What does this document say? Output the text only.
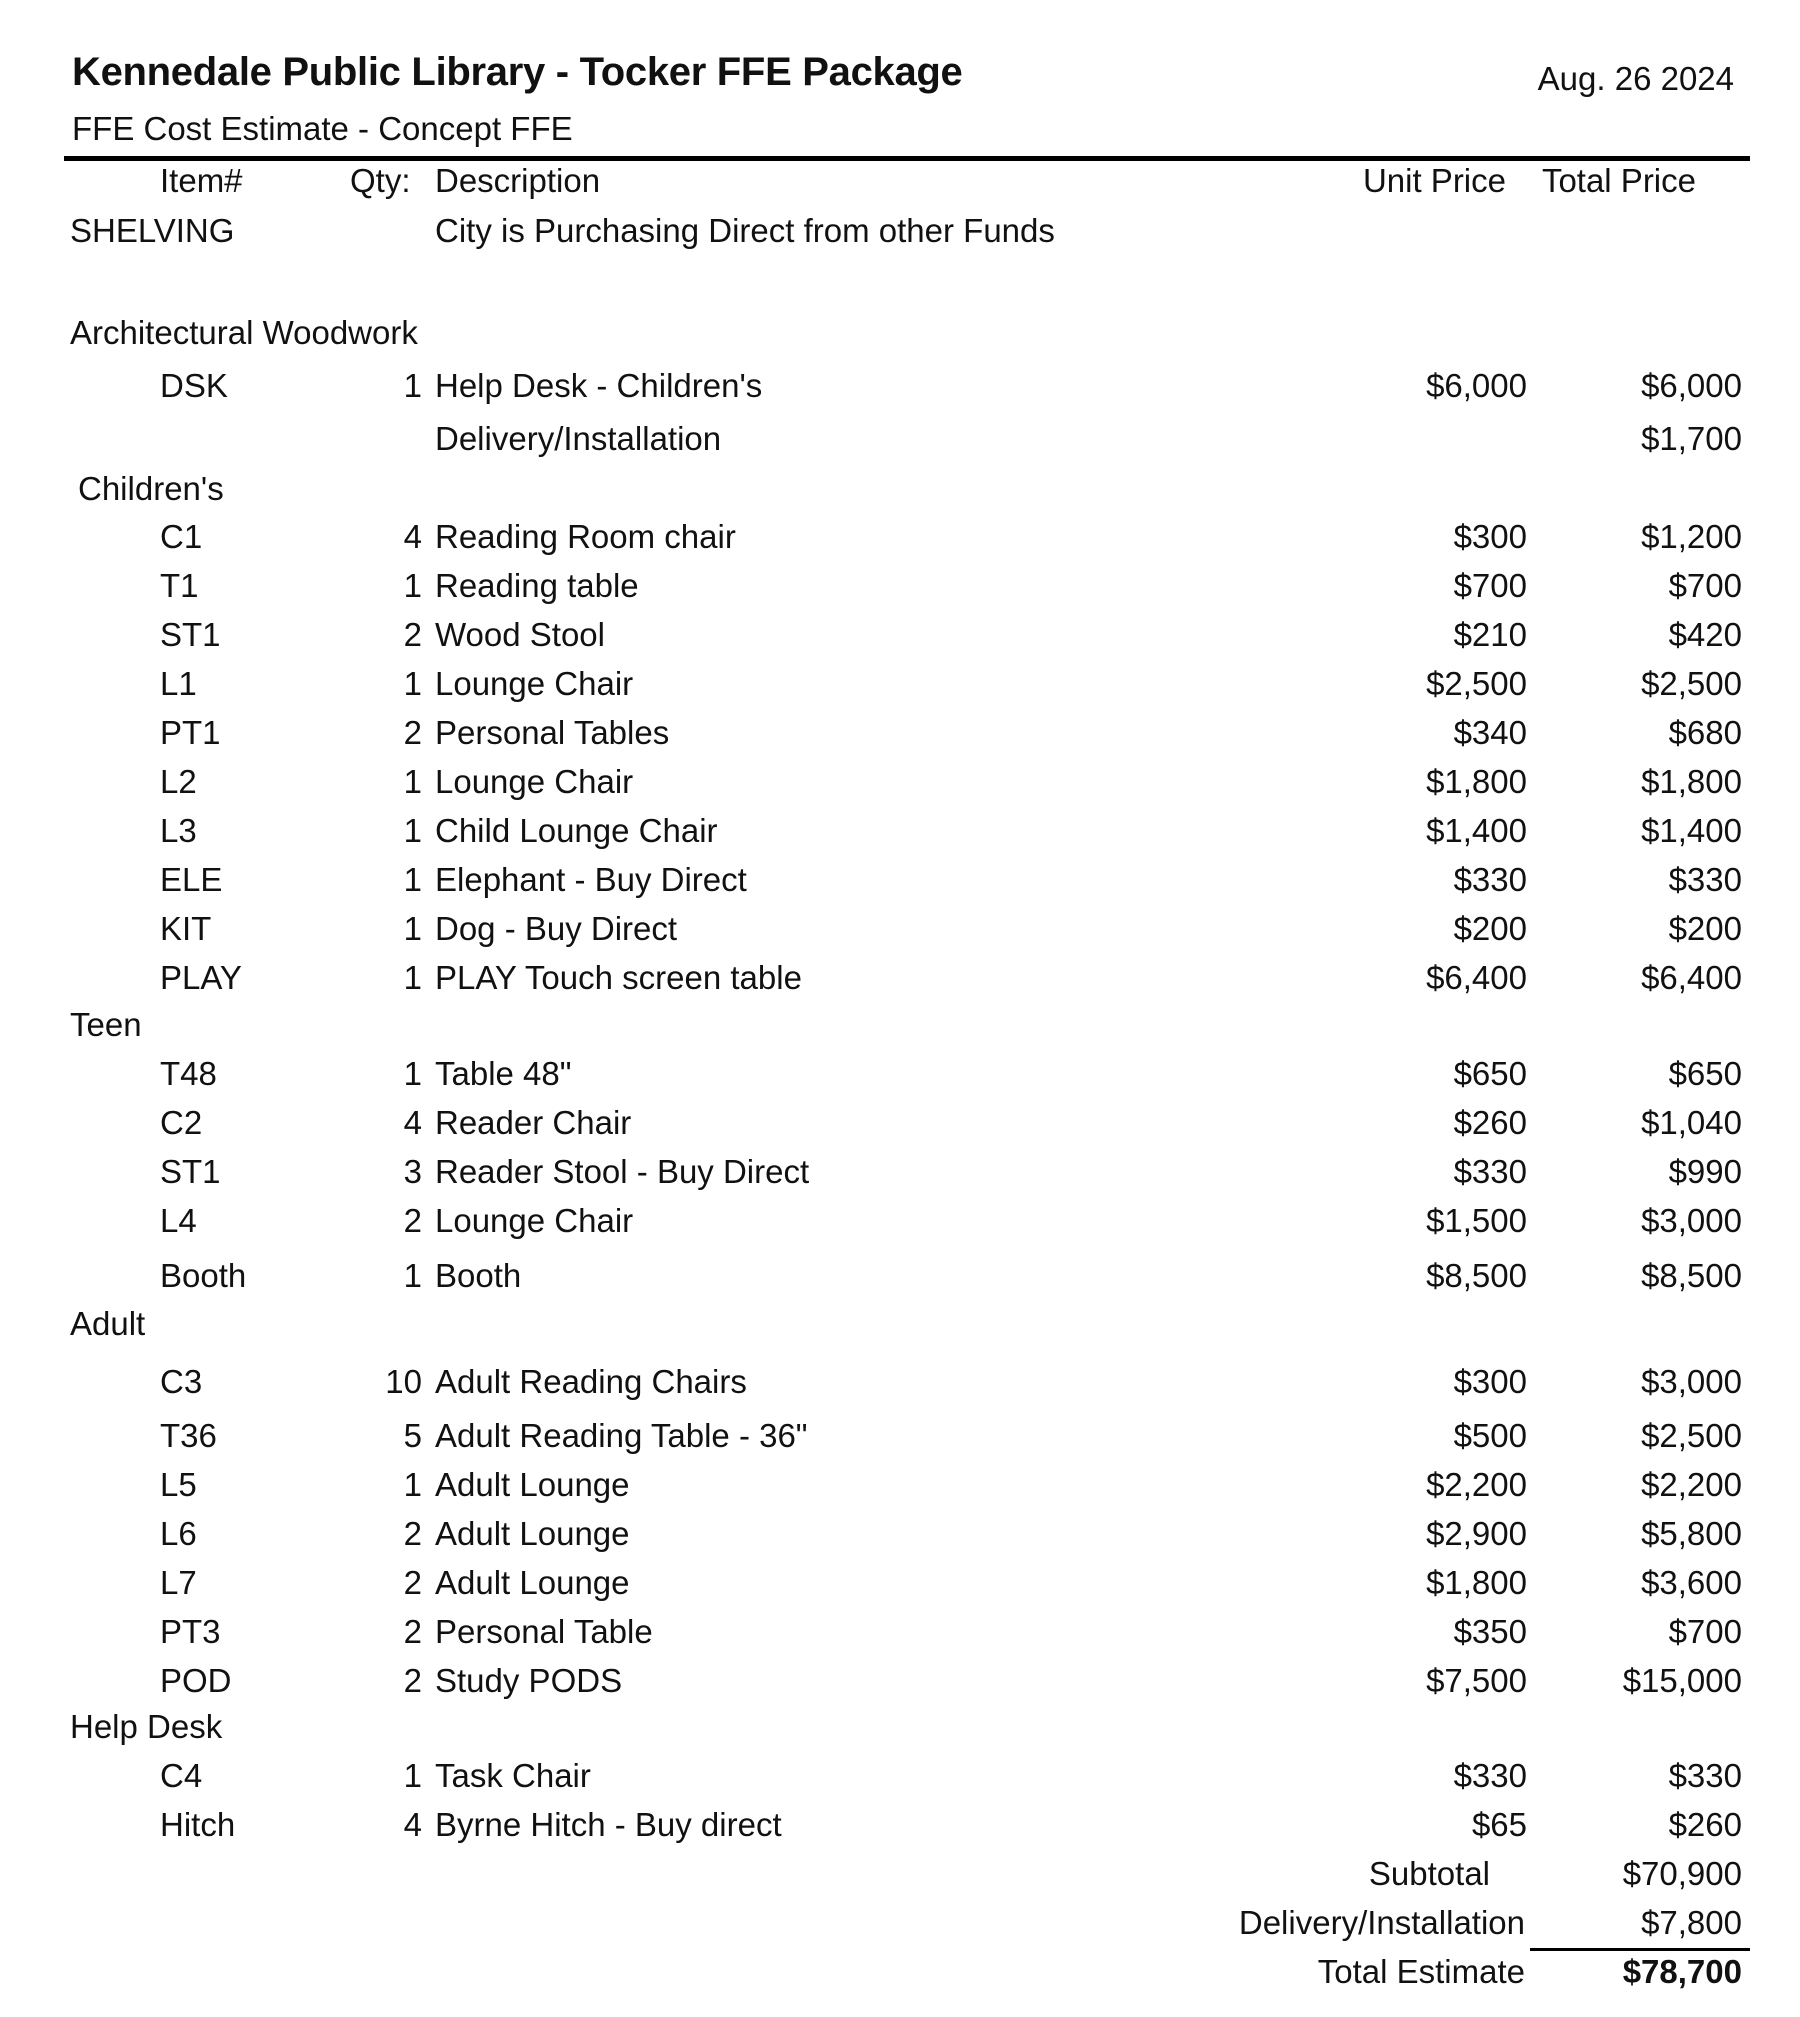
Kennedale Public Library - Tocker FFE Package	Aug. 26 2024
FFE Cost Estimate - Concept FFE
Item#	Qty: Description	Unit Price Total Price
SHELVING	City is Purchasing Direct from other Funds
Architectural Woodwork
Children's
Teen
Adult
Help Desk
DSK	1 Help Desk - Children's	$6,000	$6,000
Delivery/Installation	$1,700
C1	4 Reading Room chair	$300	$1,200
T1	1 Reading table	$700	$700
ST1	2 Wood Stool	$210	$420
L1	1 Lounge Chair	$2,500	$2,500
PT1	2 Personal Tables	$340	$680
L2	1 Lounge Chair	$1,800	$1,800
L3	1 Child Lounge Chair	$1,400	$1,400
ELE	1 Elephant - Buy Direct	$330	$330
KIT	1 Dog - Buy Direct	$200	$200
PLAY	1 PLAY Touch screen table	$6,400	$6,400
T48	1 Table 48"	$650	$650
C2	4 Reader Chair	$260	$1,040
ST1	3 Reader Stool - Buy Direct	$330	$990
L4	2 Lounge Chair	$1,500	$3,000
Booth	1 Booth	$8,500	$8,500
C3	10 Adult Reading Chairs	$300	$3,000
T36	5 Adult Reading Table - 36"	$500	$2,500
L5	1 Adult Lounge	$2,200	$2,200
L6	2 Adult Lounge	$2,900	$5,800
L7	2 Adult Lounge	$1,800	$3,600
PT3	2 Personal Table	$350	$700
POD	2 Study PODS	$7,500	$15,000
C4	1 Task Chair	$330	$330
Hitch	4 Byrne Hitch - Buy direct	$65	$260
Subtotal	$70,900
Delivery/Installation	$7,800
Total Estimate	$78,700
